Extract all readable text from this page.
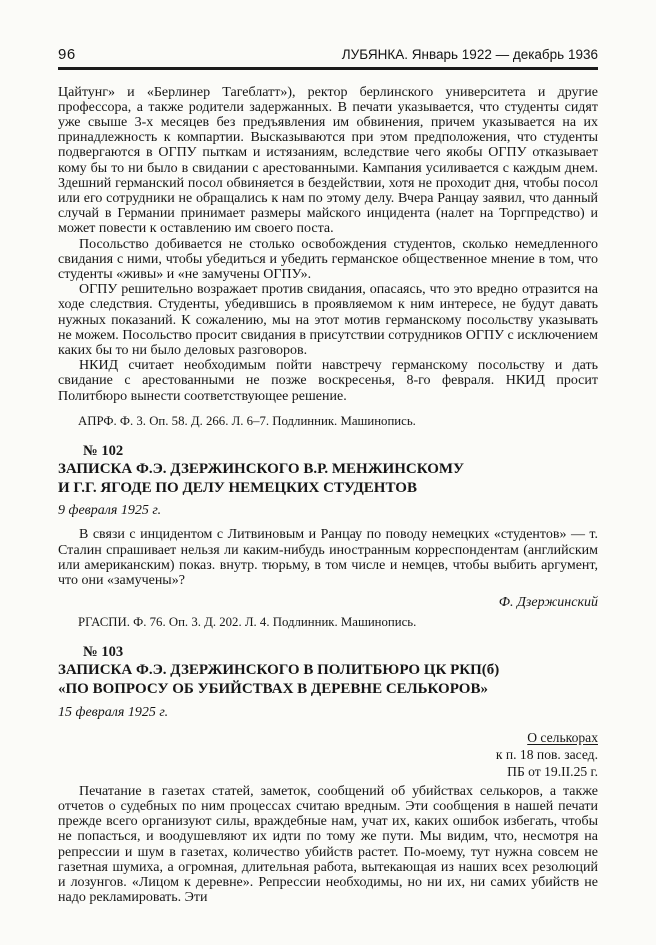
96	ЛУБЯНКА. Январь 1922 — декабрь 1936

Цайтунг» и «Берлинер Тагеблатт»), ректор берлинского университета и другие профессора, а также родители задержанных. В печати указывается, что студенты сидят уже свыше 3-х месяцев без предъявления им обвинения, причем указывается на их принадлежность к компартии. Высказываются при этом предположения, что студенты подвергаются в ОГПУ пыткам и истязаниям, вследствие чего якобы ОГПУ отказывает кому бы то ни было в свидании с арестованными. Кампания усиливается с каждым днем. Здешний германский посол обвиняется в бездействии, хотя не проходит дня, чтобы посол или его сотрудники не обращались к нам по этому делу. Вчера Ранцау заявил, что данный случай в Германии принимает размеры майского инцидента (налет на Торгпредство) и может повести к оставлению им своего поста.

Посольство добивается не столько освобождения студентов, сколько немедленного свидания с ними, чтобы убедиться и убедить германское общественное мнение в том, что студенты «живы» и «не замучены ОГПУ».

ОГПУ решительно возражает против свидания, опасаясь, что это вредно отразится на ходе следствия. Студенты, убедившись в проявляемом к ним интересе, не будут давать нужных показаний. К сожалению, мы на этот мотив германскому посольству указывать не можем. Посольство просит свидания в присутствии сотрудников ОГПУ с исключением каких бы то ни было деловых разговоров.

НКИД считает необходимым пойти навстречу германскому посольству и дать свидание с арестованными не позже воскресенья, 8-го февраля. НКИД просит Политбюро вынести соответствующее решение.

АПРФ. Ф. 3. Оп. 58. Д. 266. Л. 6–7. Подлинник. Машинопись.

№ 102

ЗАПИСКА Ф.Э. ДЗЕРЖИНСКОГО В.Р. МЕНЖИНСКОМУ
И Г.Г. ЯГОДЕ ПО ДЕЛУ НЕМЕЦКИХ СТУДЕНТОВ

9 февраля 1925 г.

В связи с инцидентом с Литвиновым и Ранцау по поводу немецких «студентов» — т. Сталин спрашивает нельзя ли каким-нибудь иностранным корреспондентам (английским или американским) показ. внутр. тюрьму, в том числе и немцев, чтобы выбить аргумент, что они «замучены»?

Ф. Дзержинский

РГАСПИ. Ф. 76. Оп. 3. Д. 202. Л. 4. Подлинник. Машинопись.

№ 103

ЗАПИСКА Ф.Э. ДЗЕРЖИНСКОГО В ПОЛИТБЮРО ЦК РКП(б)
«ПО ВОПРОСУ ОБ УБИЙСТВАХ В ДЕРЕВНЕ СЕЛЬКОРОВ»

15 февраля 1925 г.

О селькорах
к п. 18 пов. засед.
ПБ от 19.II.25 г.

Печатание в газетах статей, заметок, сообщений об убийствах селькоров, а также отчетов о судебных по ним процессах считаю вредным. Эти сообщения в нашей печати прежде всего организуют силы, враждебные нам, учат их, каких ошибок избегать, чтобы не попасться, и воодушевляют их идти по тому же пути. Мы видим, что, несмотря на репрессии и шум в газетах, количество убийств растет. По-моему, тут нужна совсем не газетная шумиха, а огромная, длительная работа, вытекающая из наших всех резолюций и лозунгов. «Лицом к деревне». Репрессии необходимы, но ни их, ни самих убийств не надо рекламировать. Эти
